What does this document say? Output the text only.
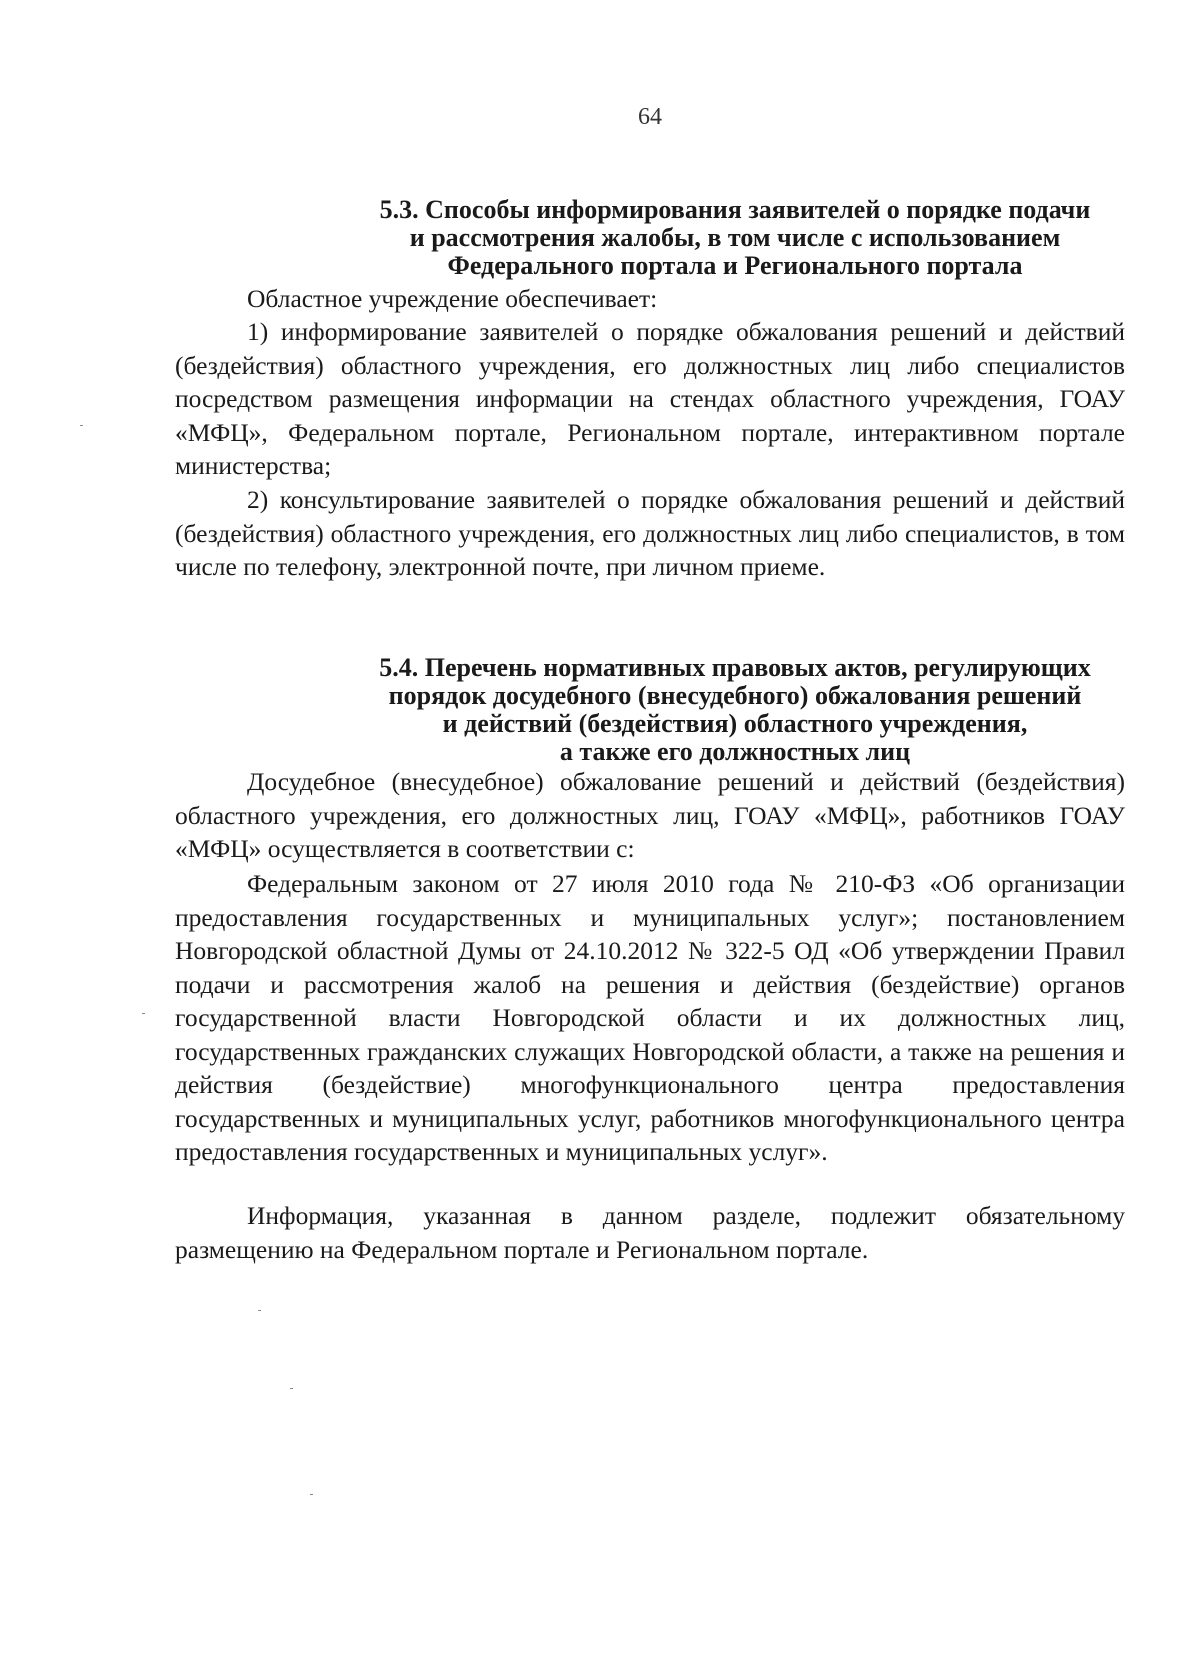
64
5.3. Способы информирования заявителей о порядке подачи
и рассмотрения жалобы, в том числе с использованием
Федерального портала и Регионального портала

Областное учреждение обеспечивает:

1) информирование заявителей о порядке обжалования решений и действий (бездействия) областного учреждения, его должностных лиц либо специалистов посредством размещения информации на стендах областного учреждения, ГОАУ «МФЦ», Федеральном портале, Региональном портале, интерактивном портале министерства;

2) консультирование заявителей о порядке обжалования решений и действий (бездействия) областного учреждения, его должностных лиц либо специалистов, в том числе по телефону, электронной почте, при личном приеме.

5.4. Перечень нормативных правовых актов, регулирующих
порядок досудебного (внесудебного) обжалования решений
и действий (бездействия) областного учреждения,
а также его должностных лиц

Досудебное (внесудебное) обжалование решений и действий (бездействия) областного учреждения, его должностных лиц, ГОАУ «МФЦ», работников ГОАУ «МФЦ» осуществляется в соответствии с:

Федеральным законом от 27 июля 2010 года № 210-ФЗ «Об организации предоставления государственных и муниципальных услуг»; постановлением Новгородской областной Думы от 24.10.2012 № 322-5 ОД «Об утверждении Правил подачи и рассмотрения жалоб на решения и действия (бездействие) органов государственной власти Новгородской области и их должностных лиц, государственных гражданских служащих Новгородской области, а также на решения и действия (бездействие) многофункционального центра предоставления государственных и муниципальных услуг, работников многофункционального центра предоставления государственных и муниципальных услуг».

Информация, указанная в данном разделе, подлежит обязательному размещению на Федеральном портале и Региональном портале.
